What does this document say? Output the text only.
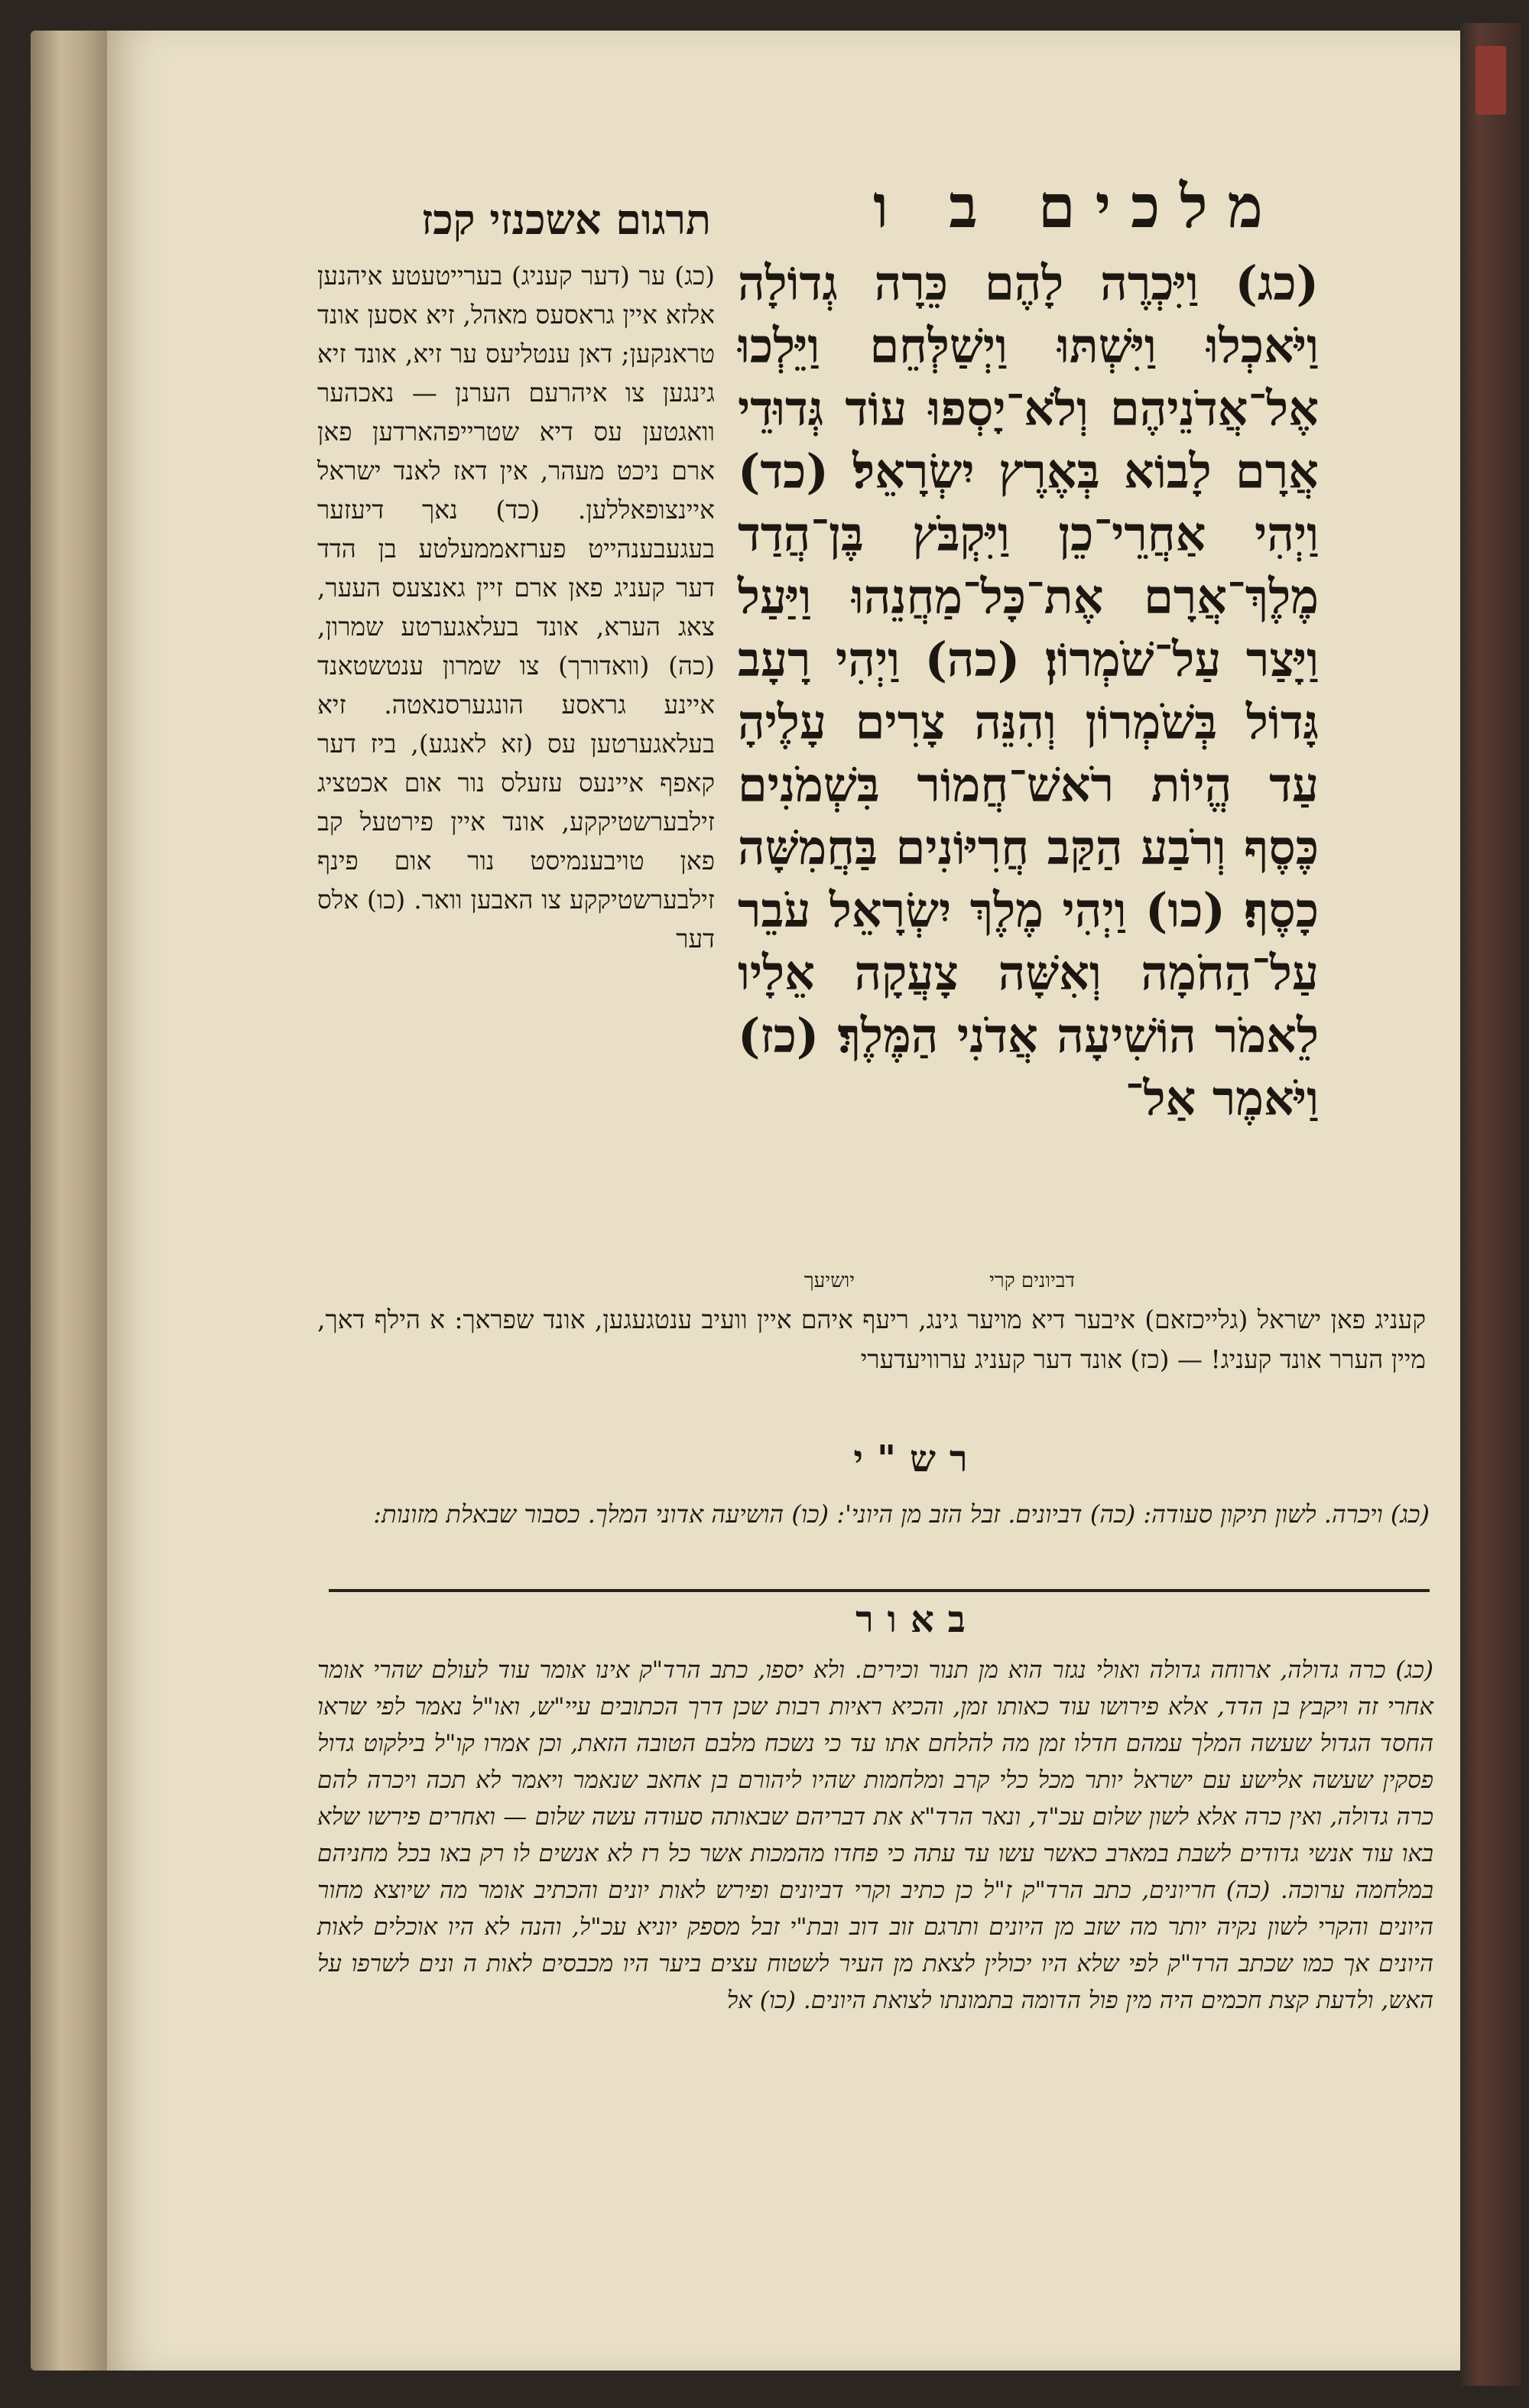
תרגום אשכנזי קכז	מלכים ב ו
(כג) וַיִּכְרֶה לָהֶם כֵּרָה גְדוֹלָה וַיֹּאכְלוּ וַיִּשְׁתּוּ וַיְשַׁלְּחֵם וַיֵּלְכוּ אֶל־אֲדֹנֵיהֶם וְלֹא־יָסְפוּ עוֹד גְּדוּדֵי אֲרָם לָבוֹא בְּאֶרֶץ יִשְׂרָאֵל׃ (כד) וַיְהִי אַחֲרֵי־כֵן וַיִּקְבֹּץ בֶּן־הֲדַד מֶלֶךְ־אֲרָם אֶת־כָּל־מַחֲנֵהוּ וַיַּעַל וַיָּצַר עַל־שֹׁמְרוֹן׃ (כה) וַיְהִי רָעָב גָּדוֹל בְּשֹׁמְרוֹן וְהִנֵּה צָרִים עָלֶיהָ עַד הֱיוֹת רֹאשׁ־חֲמוֹר בִּשְׁמֹנִים כֶּסֶף וְרֹבַע הַקַּב חֲרִיּוֹנִים בַּחֲמִשָּׁה כָסֶף׃ (כו) וַיְהִי מֶלֶךְ יִשְׂרָאֵל עֹבֵר עַל־הַחֹמָה וְאִשָּׁה צָעֲקָה אֵלָיו לֵאמֹר הוֹשִׁיעָה אֲדֹנִי הַמֶּלֶךְ׃ (כז) וַיֹּאמֶר אַל־
(כג) ער (דער קעניג) בערייטעטע איהנען אלזא איין גראסעס מאהל, זיא אסען אונד טראנקען; דאן ענטליעס ער זיא, אונד זיא גינגען צו איהרעם הערנן — נאכהער וואגטען עס דיא שטרייפהארדען פאן ארם ניכט מעהר, אין דאז לאנד ישראל איינצופאללען. (כד) נאך דיעזער בעגעבענהייט פערזאממעלטע בן הדד דער קעניג פאן ארם זיין גאנצעס העער, צאג הערא, אונד בעלאגערטע שמרון, (כה) (וואדורך) צו שמרון ענטשטאנד איינע גראסע הונגערסנאטה. זיא בעלאגערטען עס (זא לאנגע), ביז דער קאפף איינעס עזעלס נור אום אכטציג זילבערשטיקקע, אונד איין פירטעל קב פאן טויבענמיסט נור אום פינף זילבערשטיקקע צו האבען וואר. (כו) אלס דער
דביונים קרי
יושיעך
קעניג פאן ישראל (גלייכזאם) איבער דיא מויער גינג, ריעף איהם איין וועיב ענטגעגען, אונד שפראך: א הילף דאך, מיין הערר אונד קעניג! — (כז) אונד דער קעניג ערוויעדערי
רש"י
(כג) ויכרה. לשון תיקון סעודה: (כה) דביונים. זבל הזב מן היוני': (כו) הושיעה אדוני המלך. כסבור שבאלת מזונות:
באור
(כג) כרה גדולה, ארוחה גדולה ואולי נגזר הוא מן תנור וכירים. ולא יספו, כתב הרד"ק אינו אומר עוד לעולם שהרי אומר אחרי זה ויקבץ בן הדד, אלא פירושו עוד כאותו זמן, והכיא ראיות רבות שכן דרך הכתובים עיי"ש, ואו"ל נאמר לפי שראו החסד הגדול שעשה המלך עמהם חדלו זמן מה להלחם אתו עד כי נשכח מלבם הטובה הזאת, וכן אמרו קו"ל בילקוט גדול פסקין שעשה אלישע עם ישראל יותר מכל כלי קרב ומלחמות שהיו ליהורם בן אחאב שנאמר ויאמר לא תכה ויכרה להם כרה גדולה, ואין כרה אלא לשון שלום עכ"ד, ונאר הרד"א את דבריהם שבאותה סעודה עשה שלום — ואחרים פירשו שלא באו עוד אנשי גדודים לשבת במארב כאשר עשו עד עתה כי פחדו מהמכות אשר כל רז לא אנשים לו רק באו בכל מחניהם במלחמה ערוכה. (כה) חריונים, כתב הרד"ק ז"ל כן כתיב וקרי דביונים ופירש לאות יונים והכתיב אומר מה שיוצא מחור היונים והקרי לשון נקיה יותר מה שזב מן היונים ותרגם זוב דוב ובת"י זבל מספק יוניא עכ"ל, והנה לא היו אוכלים לאות היונים אך כמו שכתב הרד"ק לפי שלא היו יכולין לצאת מן העיר לשטוח עצים ביער היו מכבסים לאות ה ונים לשרפו על האש, ולדעת קצת חכמים היה מין פול הדומה בתמונתו לצואת היונים. (כו) אל
